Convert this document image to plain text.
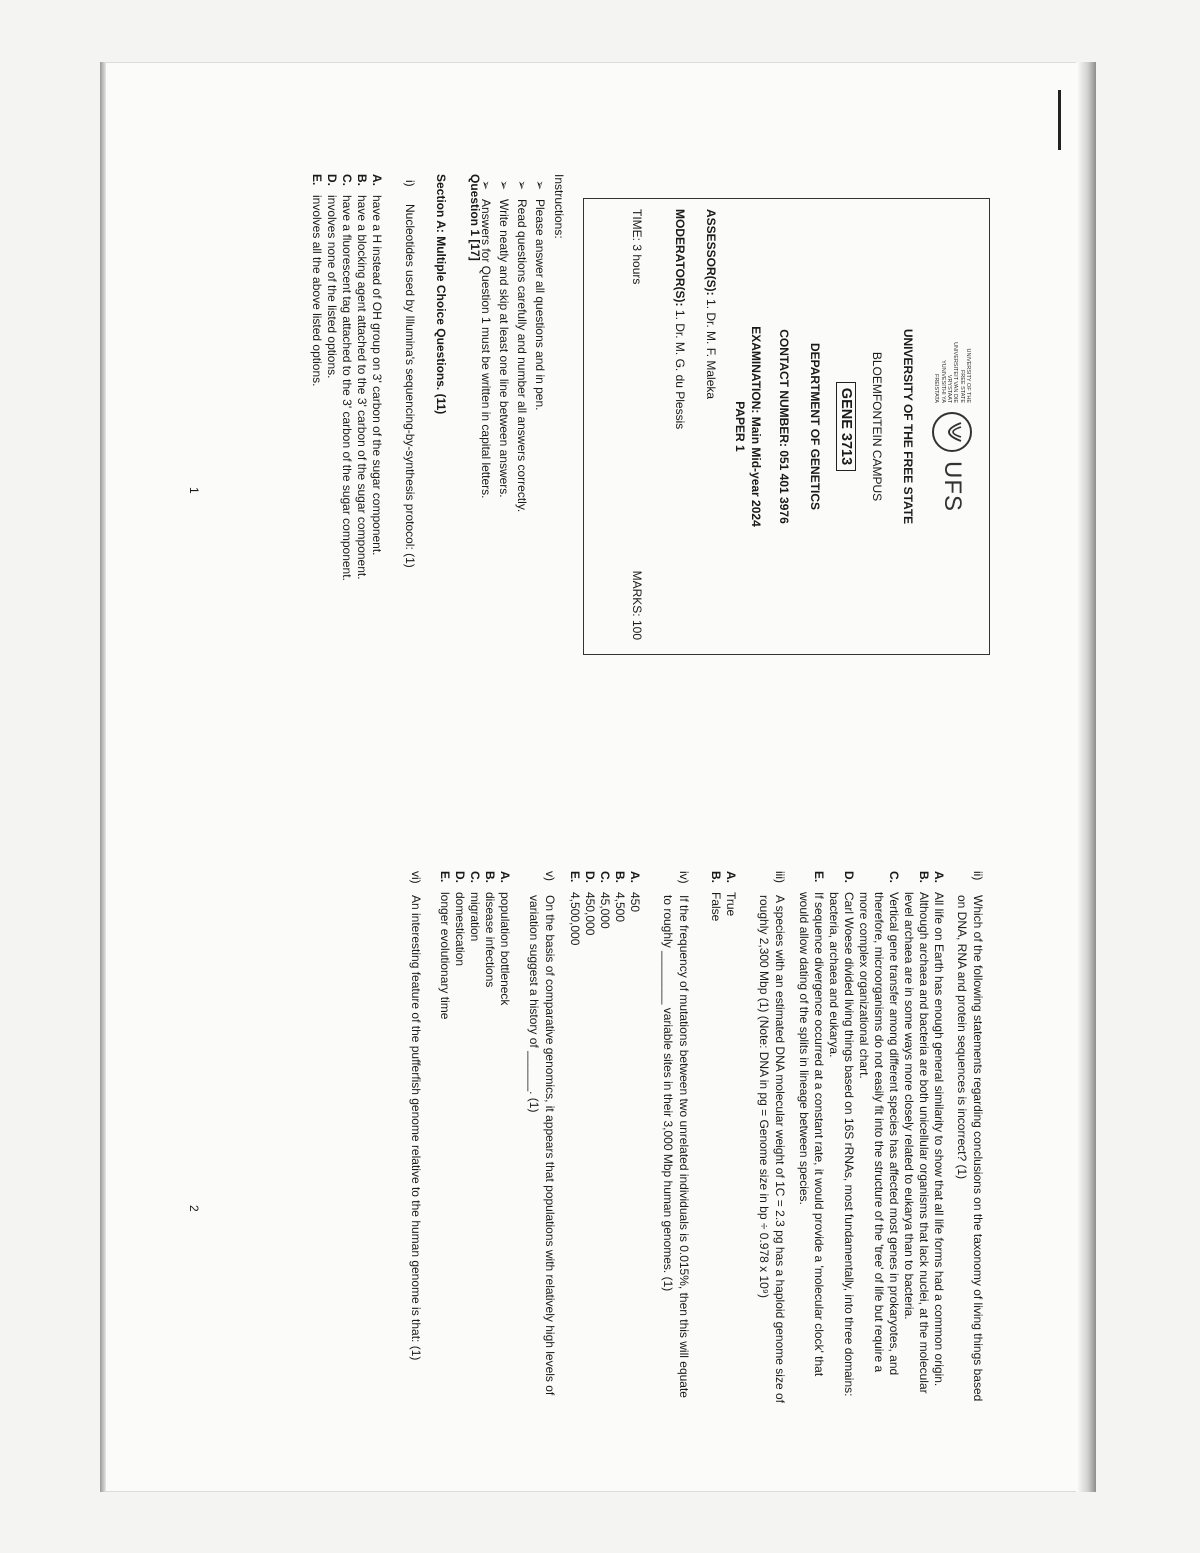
UNIVERSITY OF THE
FREE STATE
UNIVERSITEIT VAN DIE
VRYSTAAT
YUNIVESITHI YA
FREISTATA
UFS
UNIVERSITY OF THE FREE STATE
BLOEMFONTEIN CAMPUS
GENE 3713
DEPARTMENT OF GENETICS
CONTACT NUMBER: 051 401 3976
EXAMINATION: Main Mid-year 2024
PAPER 1
ASSESSOR(S): 1. Dr. M. F. Maleka
MODERATOR(S): 1. Dr. M. G. du Plessis
TIME: 3 hours
MARKS: 100
Instructions:
➢
Please answer all questions and in pen.
➢
Read questions carefully and number all answers correctly.
➢
Write neatly and skip at least one line between answers.
➢
Answers for Question 1 must be written in capital letters.
Question 1 [17]
Section A: Multiple Choice Questions. (11)
i)
Nucleotides used by Illumina's sequencing-by-synthesis protocol: (1)
A.
have a H instead of OH group on 3' carbon of the sugar component.
B.
have a blocking agent attached to the 3' carbon of the sugar component.
C.
have a fluorescent tag attached to the 3' carbon of the sugar component.
D.
involves none of the listed options.
E.
involves all the above listed options.
1
ii)
Which of the following statements regarding conclusions on the taxonomy of living things based
on DNA, RNA and protein sequences is incorrect? (1)
A.
All life on Earth has enough general similarity to show that all life forms had a common origin.
B.
Although archaea and bacteria are both unicellular organisms that lack nuclei, at the molecular
level archaea are in some ways more closely related to eukarya than to bacteria.
C.
Vertical gene transfer among different species has affected most genes in prokaryotes, and
therefore, microorganisms do not easily fit into the structure of the 'tree' of life but require a
more complex organizational chart.
D.
Carl Woese divided living things based on 16S rRNAs, most fundamentally, into three domains:
bacteria, archaea and eukarya.
E.
If sequence divergence occurred at a constant rate, it would provide a 'molecular clock' that
would allow dating of the splits in lineage between species.
iii)
A species with an estimated DNA molecular weight of 1C = 2.3 pg has a haploid genome size of
roughly 2,300 Mbp (1) (Note: DNA in pg = Genome size in bp ÷ 0.978 x 10⁹)
A.
True
B.
False
iv)
If the frequency of mutations between two unrelated individuals is 0.015%, then this will equate
to roughly ________ variable sites in their 3,000 Mbp human genomes. (1)
A.
450
B.
4,500
C.
45,000
D.
450,000
E.
4,500,000
v)
On the basis of comparative genomics, it appears that populations with relatively high levels of
variation suggest a history of ______. (1)
A.
population bottleneck
B.
disease infections
C.
migration
D.
domestication
E.
longer evolutionary time
vi)
An interesting feature of the pufferfish genome relative to the human genome is that: (1)
2
